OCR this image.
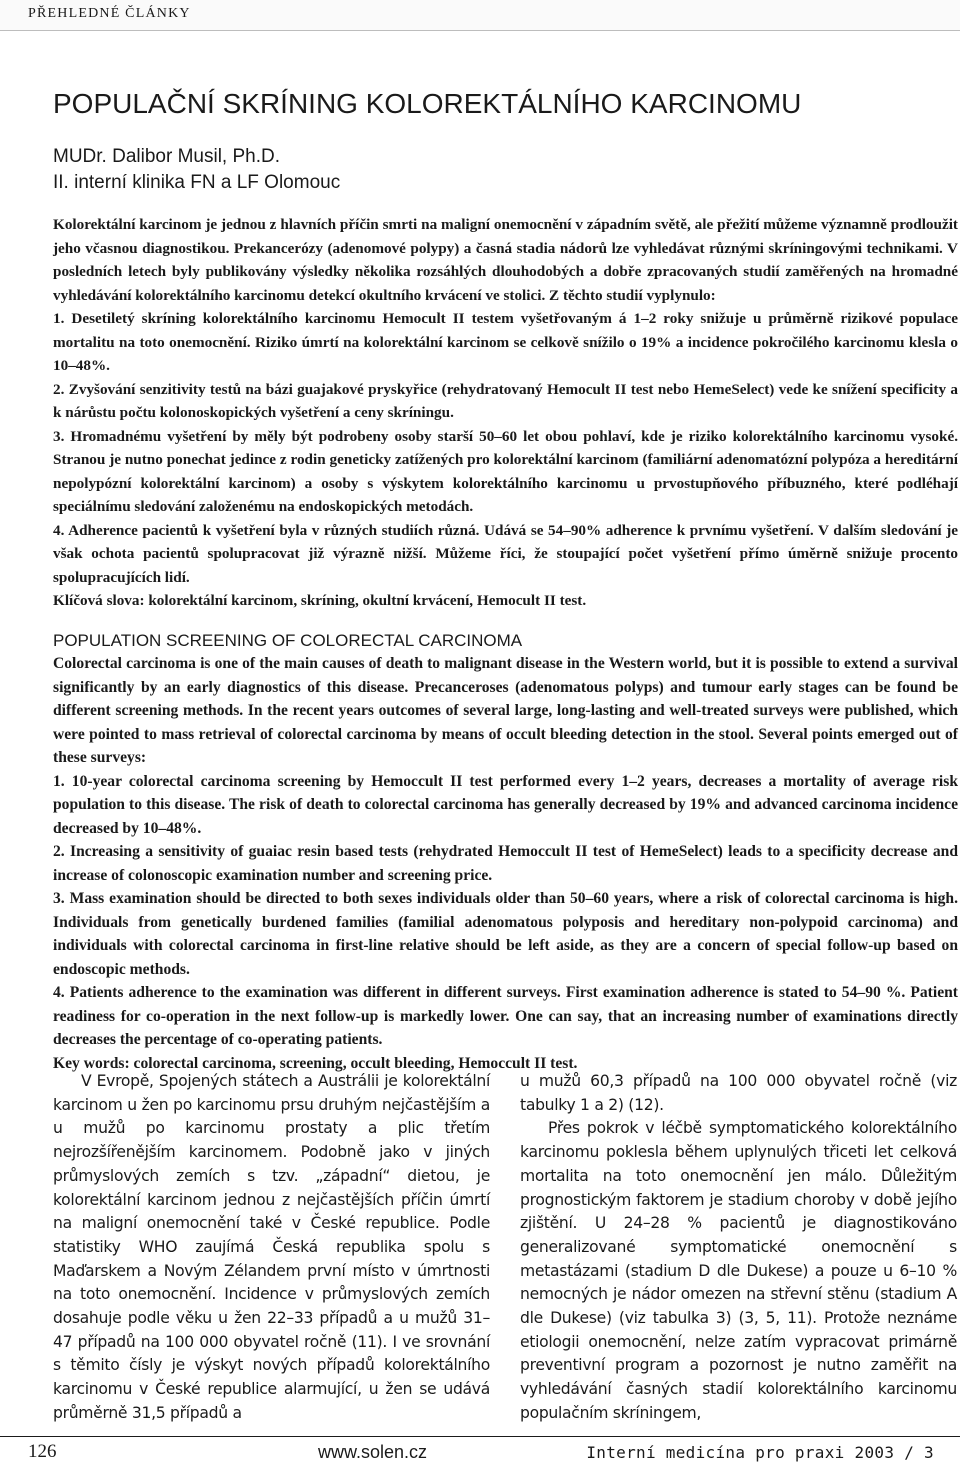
PŘEHLEDNÉ ČLÁNKY
POPULAČNÍ SKRÍNING KOLOREKTÁLNÍHO KARCINOMU
MUDr. Dalibor Musil, Ph.D.
II. interní klinika FN a LF Olomouc

Kolorektální karcinom je jednou z hlavních příčin smrti na maligní onemocnění v západním světě, ale přežití můžeme významně prodloužit jeho včasnou diagnostikou. Prekancerózy (adenomové polypy) a časná stadia nádorů lze vyhledávat různými skríningovými technikami. V posledních letech byly publikovány výsledky několika rozsáhlých dlouhodobých a dobře zpracovaných studií zaměřených na hromadné vyhledávání kolorektálního karcinomu detekcí okultního krvácení ve stolici. Z těchto studií vyplynulo:

1. Desetiletý skríning kolorektálního karcinomu Hemocult II testem vyšetřovaným á 1–2 roky snižuje u průměrně rizikové populace mortalitu na toto onemocnění. Riziko úmrtí na kolorektální karcinom se celkově snížilo o 19% a incidence pokročilého karcinomu klesla o 10–48%.

2. Zvyšování senzitivity testů na bázi guajakové pryskyřice (rehydratovaný Hemocult II test nebo HemeSelect) vede ke snížení specificity a k nárůstu počtu kolonoskopických vyšetření a ceny skríningu.

3. Hromadnému vyšetření by měly být podrobeny osoby starší 50–60 let obou pohlaví, kde je riziko kolorektálního karcinomu vysoké. Stranou je nutno ponechat jedince z rodin geneticky zatížených pro kolorektální karcinom (familiární adenomatózní polypóza a hereditární nepolypózní kolorektální karcinom) a osoby s výskytem kolorektálního karcinomu u prvostupňového příbuzného, které podléhají speciálnímu sledování založenému na endoskopických metodách.

4. Adherence pacientů k vyšetření byla v různých studiích různá. Udává se 54–90% adherence k prvnímu vyšetření. V dalším sledování je však ochota pacientů spolupracovat již výrazně nižší. Můžeme říci, že stoupající počet vyšetření přímo úměrně snižuje procento spolupracujících lidí.

Klíčová slova: kolorektální karcinom, skríning, okultní krvácení, Hemocult II test.

POPULATION SCREENING OF COLORECTAL CARCINOMA

Colorectal carcinoma is one of the main causes of death to malignant disease in the Western world, but it is possible to extend a survival significantly by an early diagnostics of this disease. Precanceroses (adenomatous polyps) and tumour early stages can be found be different screening methods. In the recent years outcomes of several large, long-lasting and well-treated surveys were published, which were pointed to mass retrieval of colorectal carcinoma by means of occult bleeding detection in the stool. Several points emerged out of these surveys:

1. 10-year colorectal carcinoma screening by Hemoccult II test performed every 1–2 years, decreases a mortality of average risk population to this disease. The risk of death to colorectal carcinoma has generally decreased by 19% and advanced carcinoma incidence decreased by 10–48%.

2. Increasing a sensitivity of guaiac resin based tests (rehydrated Hemoccult II test of HemeSelect) leads to a specificity decrease and increase of colonoscopic examination number and screening price.

3. Mass examination should be directed to both sexes individuals older than 50–60 years, where a risk of colorectal carcinoma is high. Individuals from genetically burdened families (familial adenomatous polyposis and hereditary non-polypoid carcinoma) and individuals with colorectal carcinoma in first-line relative should be left aside, as they are a concern of special follow-up based on endoscopic methods.

4. Patients adherence to the examination was different in different surveys. First examination adherence is stated to 54–90 %. Patient readiness for co-operation in the next follow-up is markedly lower. One can say, that an increasing number of examinations directly decreases the percentage of co-operating patients.

Key words: colorectal carcinoma, screening, occult bleeding, Hemoccult II test.

V Evropě, Spojených státech a Austrálii je kolorektální karcinom u žen po karcinomu prsu druhým nejčastějším a u mužů po karcinomu prostaty a plic třetím nejrozšířenějším karcinomem. Podobně jako v jiných průmyslových zemích s tzv. „západní“ dietou, je kolorektální karcinom jednou z nejčastějších příčin úmrtí na maligní onemocnění také v České republice. Podle statistiky WHO zaujímá Česká republika spolu s Maďarskem a Novým Zélandem první místo v úmrtnosti na toto onemocnění. Incidence v průmyslových zemích dosahuje podle věku u žen 22–33 případů a u mužů 31–47 případů na 100 000 obyvatel ročně (11). I ve srovnání s těmito čísly je výskyt nových případů kolorektálního karcinomu v České republice alarmující, u žen se udává průměrně 31,5 případů a

u mužů 60,3 případů na 100 000 obyvatel ročně (viz tabulky 1 a 2) (12).

Přes pokrok v léčbě symptomatického kolorektálního karcinomu poklesla během uplynulých třiceti let celková mortalita na toto onemocnění jen málo. Důležitým prognostickým faktorem je stadium choroby v době jejího zjištění. U 24–28 % pacientů je diagnostikováno generalizované symptomatické onemocnění s metastázami (stadium D dle Dukese) a pouze u 6–10 % nemocných je nádor omezen na střevní stěnu (stadium A dle Dukese) (viz tabulka 3) (3, 5, 11). Protože neznáme etiologii onemocnění, nelze zatím vypracovat primárně preventivní program a pozornost je nutno zaměřit na vyhledávání časných stadií kolorektálního karcinomu populačním skríningem,

126	www.solen.cz	Interní medicína pro praxi 2003 / 3
